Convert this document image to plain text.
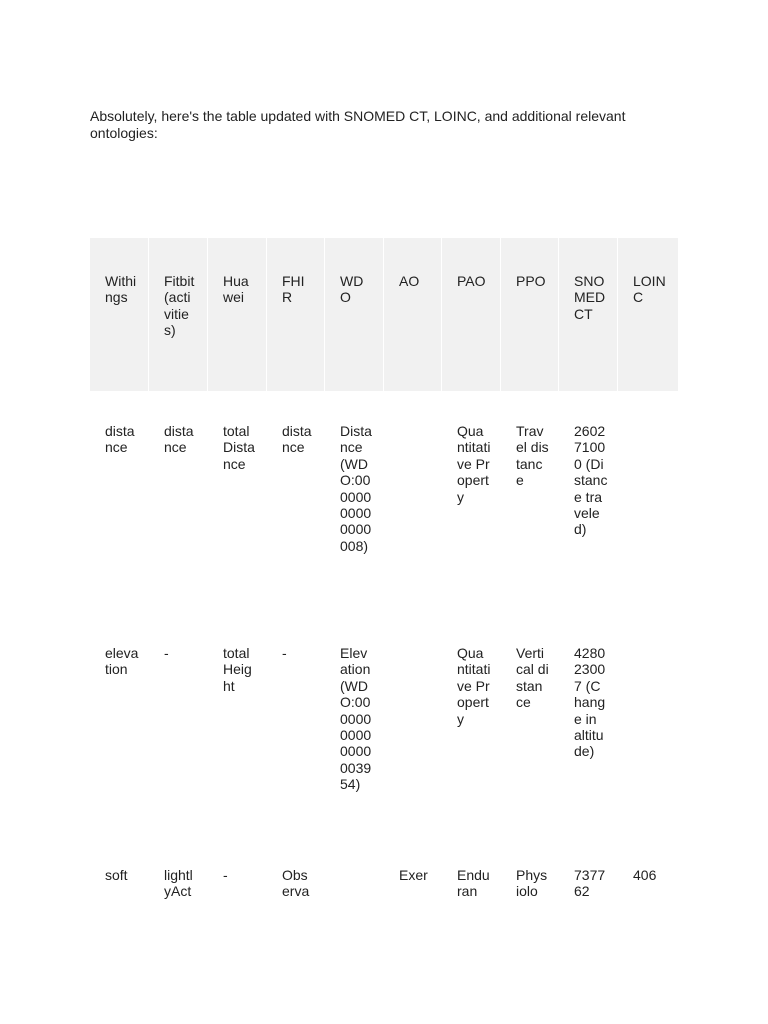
Absolutely, here's the table updated with SNOMED CT, LOINC, and additional relevant ontologies:

Withings	Fitbit (activities)	Huawei	FHIR	WDO	AO	PAO	PPO	SNOMED CT	LOINC
distance	distance	totalDistance	distance	Distance (WDO:00000000000000008)		Quantitative Property	Travel distance	260271000 (Distance traveled)	
elevation	-	totalHeight	-	Elevation (WDO:00000000000000003954)		Quantitative Property	Vertical distance	428023007 (Change in altitude)	
soft	lightlyAct	-	Observa		Exer	Enduran	Physiolo	737762	406
